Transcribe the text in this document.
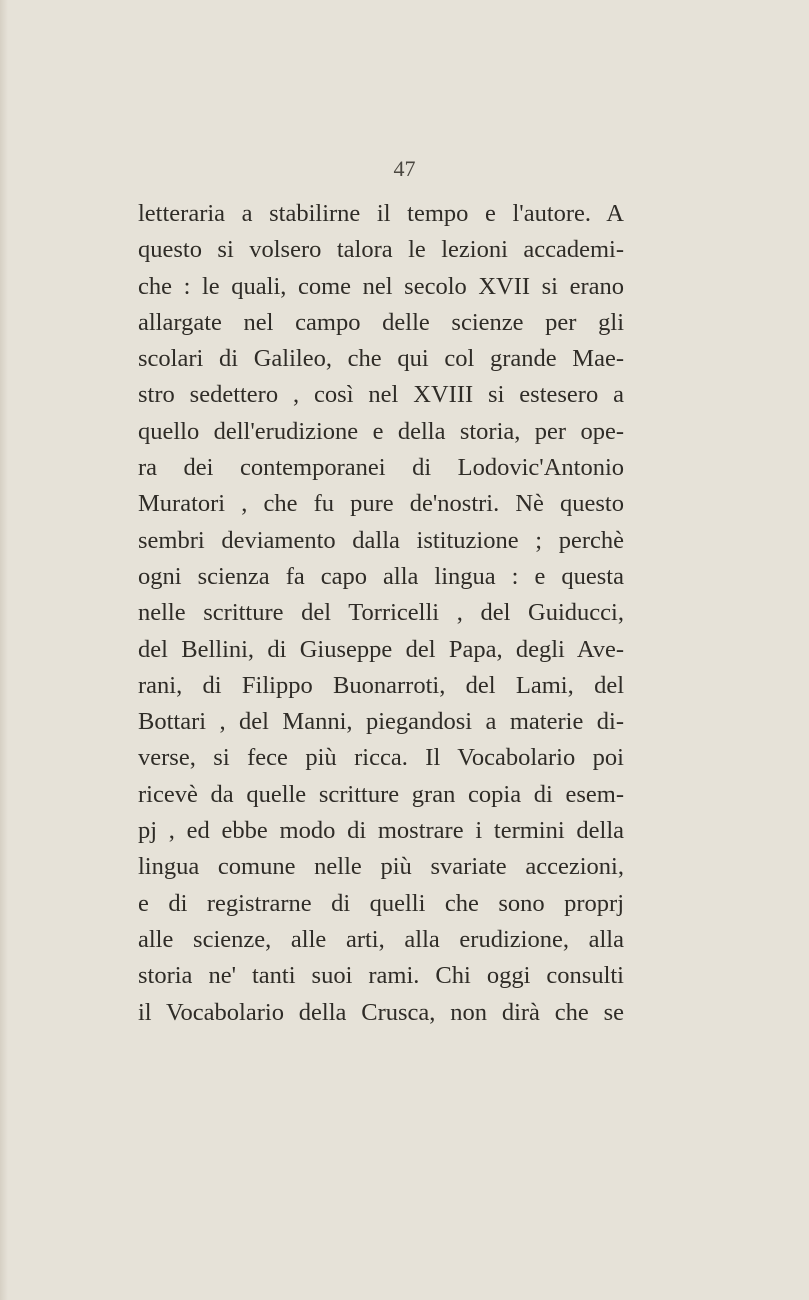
47
letteraria a stabilirne il tempo e l'autore. A
questo si volsero talora le lezioni accademi-
che : le quali, come nel secolo XVII si erano
allargate nel campo delle scienze per gli
scolari di Galileo, che qui col grande Mae-
stro sedettero , così nel XVIII si estesero a
quello dell'erudizione e della storia, per ope-
ra dei contemporanei di Lodovic'Antonio
Muratori , che fu pure de'nostri. Nè questo
sembri deviamento dalla istituzione ; perchè
ogni scienza fa capo alla lingua : e questa
nelle scritture del Torricelli , del Guiducci,
del Bellini, di Giuseppe del Papa, degli Ave-
rani, di Filippo Buonarroti, del Lami, del
Bottari , del Manni, piegandosi a materie di-
verse, si fece più ricca. Il Vocabolario poi
ricevè da quelle scritture gran copia di esem-
pj , ed ebbe modo di mostrare i termini della
lingua comune nelle più svariate accezioni,
e di registrarne di quelli che sono proprj
alle scienze, alle arti, alla erudizione, alla
storia ne' tanti suoi rami. Chi oggi consulti
il Vocabolario della Crusca, non dirà che se
